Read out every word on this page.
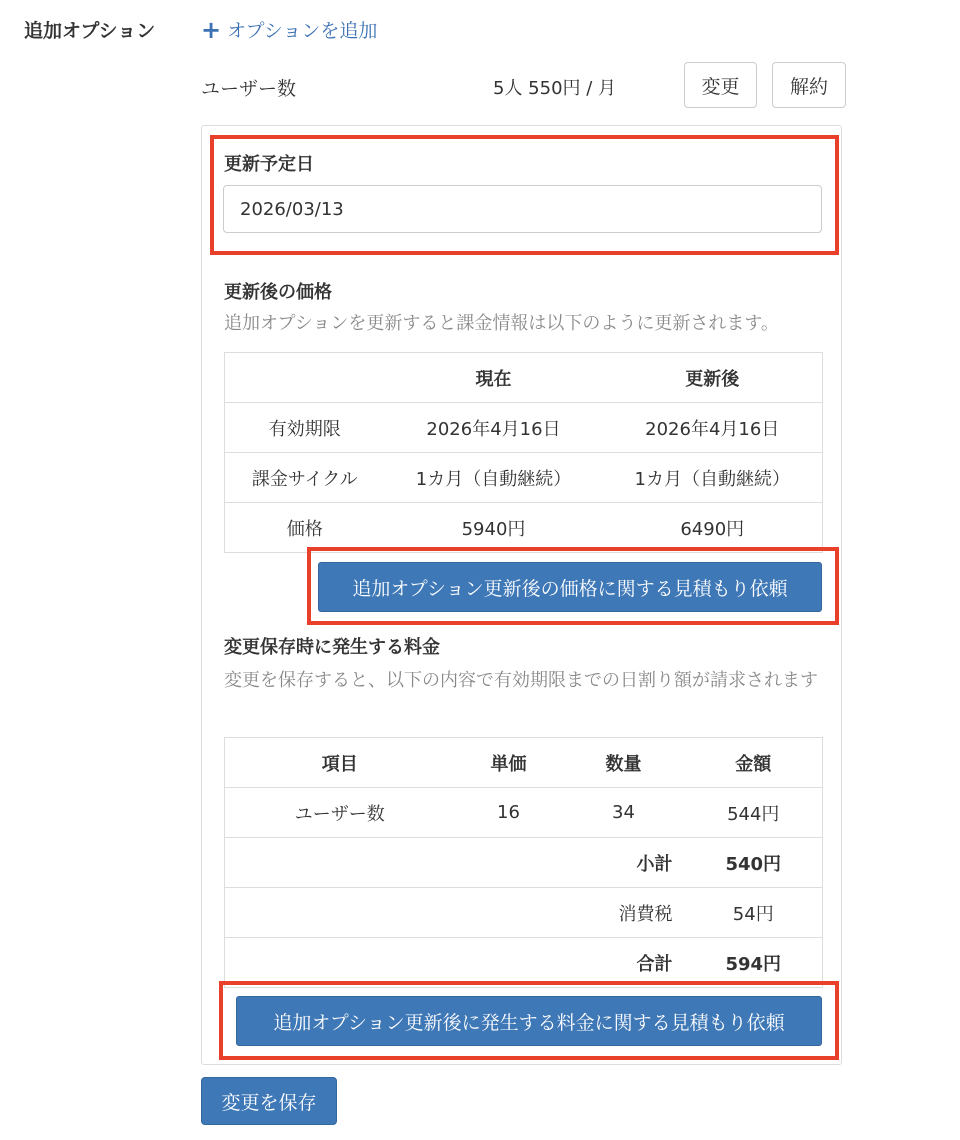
追加オプション + オプションを追加
ユーザー数	5人 550円 / 月	変更	解約
更新予定日
2026/03/13
更新後の価格
追加オプションを更新すると課金情報は以下のように更新されます。
	現在	更新後
有効期限	2026年4月16日	2026年4月16日
課金サイクル	1カ月（自動継続）	1カ月（自動継続）
価格	5940円	6490円
追加オプション更新後の価格に関する見積もり依頼
変更保存時に発生する料金
変更を保存すると、以下の内容で有効期限までの日割り額が請求されます
項目	単価	数量	金額
ユーザー数	16	34	544円
		小計	540円
		消費税	54円
		合計	594円
追加オプション更新後に発生する料金に関する見積もり依頼
変更を保存
